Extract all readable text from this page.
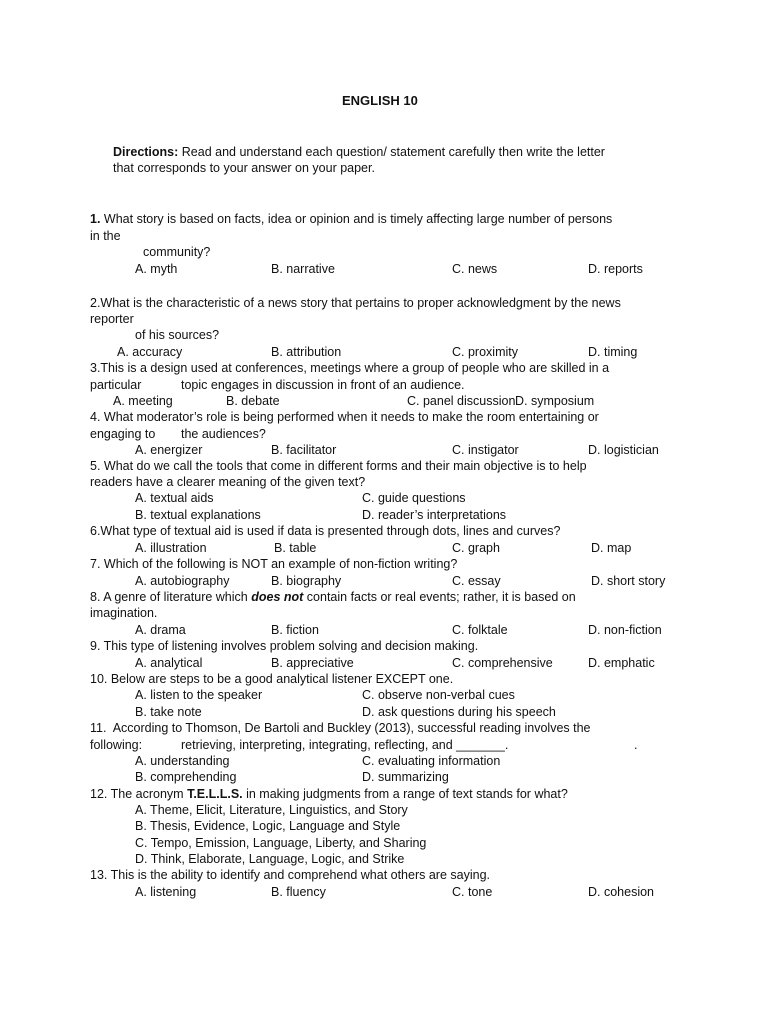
ENGLISH 10
Directions: Read and understand each question/ statement carefully then write the letter
that corresponds to your answer on your paper.
1. What story is based on facts, idea or opinion and is timely affecting large number of persons
in the
community?
A. myth	B. narrative	C. news	D. reports
2.What is the characteristic of a news story that pertains to proper acknowledgment by the news
reporter
of his sources?
A. accuracy	B. attribution	C. proximity	D. timing
3.This is a design used at conferences, meetings where a group of people who are skilled in a
particular	topic engages in discussion in front of an audience.
A. meeting	B. debate	C. panel discussion D. symposium
4. What moderator’s role is being performed when it needs to make the room entertaining or
engaging to the audiences?
A. energizer	B. facilitator	C. instigator	D. logistician
5. What do we call the tools that come in different forms and their main objective is to help
readers have a clearer meaning of the given text?
A. textual aids	C. guide questions
B. textual explanations	D. reader’s interpretations
6.What type of textual aid is used if data is presented through dots, lines and curves?
A. illustration	B. table	C. graph	D. map
7. Which of the following is NOT an example of non-fiction writing?
A. autobiography	B. biography	C. essay	D. short story
8. A genre of literature which does not contain facts or real events; rather, it is based on
imagination.
A. drama	B. fiction	C. folktale	D. non-fiction
9. This type of listening involves problem solving and decision making.
A. analytical	B. appreciative	C. comprehensive	D. emphatic
10. Below are steps to be a good analytical listener EXCEPT one.
A. listen to the speaker	C. observe non-verbal cues
B. take note	D. ask questions during his speech
11.  According to Thomson, De Bartoli and Buckley (2013), successful reading involves the
following:	retrieving, interpreting, integrating, reflecting, and _______.	.
A. understanding	C. evaluating information
B. comprehending	D. summarizing
12. The acronym T.E.L.L.S. in making judgments from a range of text stands for what?
A. Theme, Elicit, Literature, Linguistics, and Story
B. Thesis, Evidence, Logic, Language and Style
C. Tempo, Emission, Language, Liberty, and Sharing
D. Think, Elaborate, Language, Logic, and Strike
13. This is the ability to identify and comprehend what others are saying.
A. listening	B. fluency	C. tone	D. cohesion
